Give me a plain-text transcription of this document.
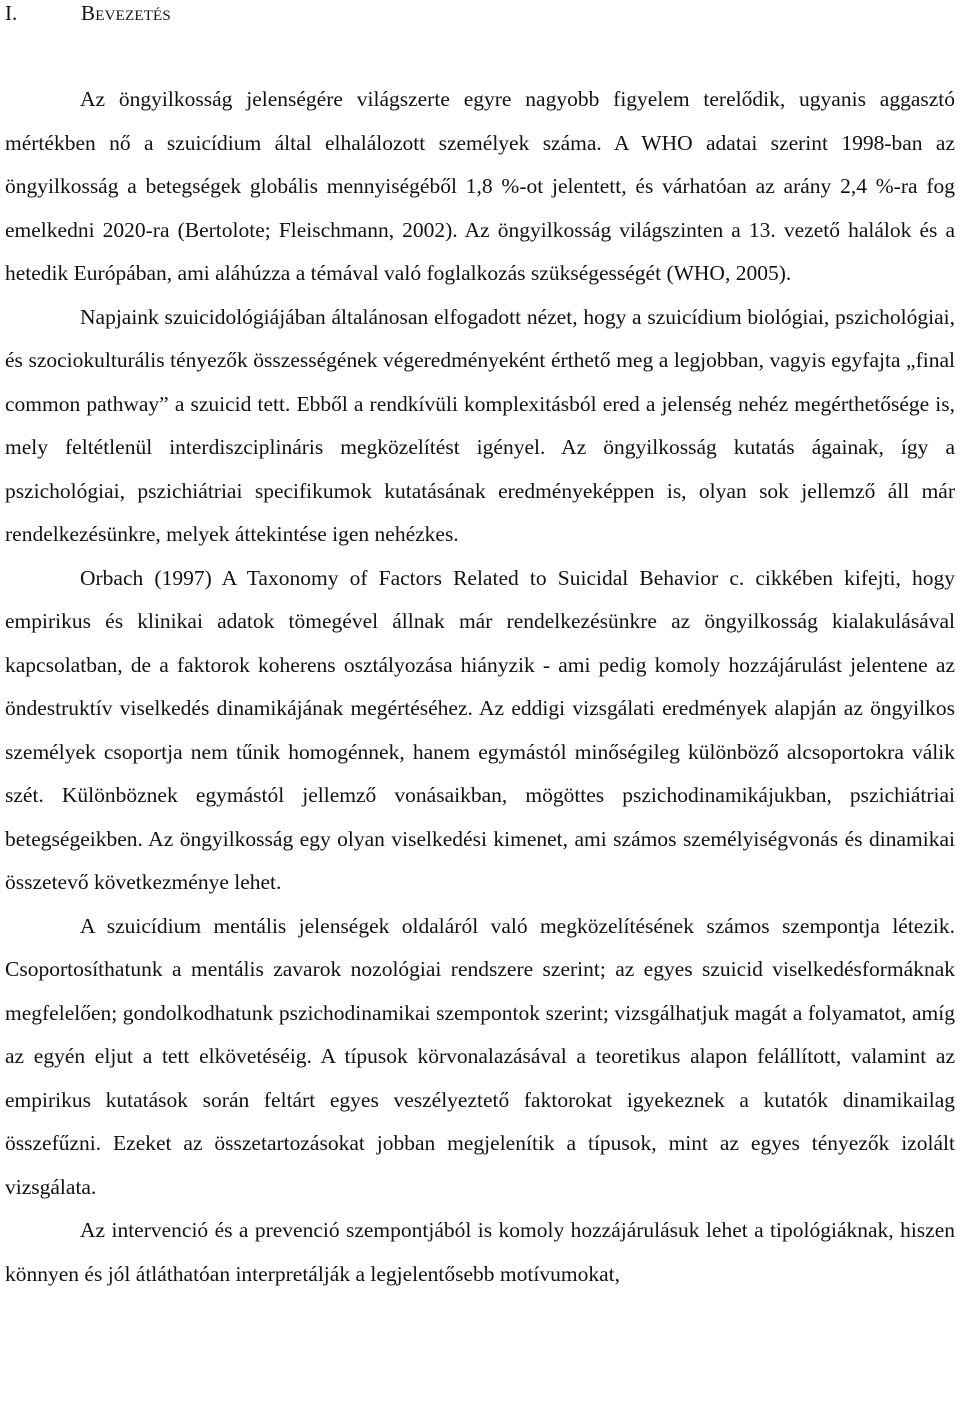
I.	Bevezetés

Az öngyilkosság jelenségére világszerte egyre nagyobb figyelem terelődik, ugyanis aggasztó mértékben nő a szuicídium által elhalálozott személyek száma. A WHO adatai szerint 1998-ban az öngyilkosság a betegségek globális mennyiségéből 1,8 %-ot jelentett, és várhatóan az arány 2,4 %-ra fog emelkedni 2020-ra (Bertolote; Fleischmann, 2002). Az öngyilkosság világszinten a 13. vezető halálok és a hetedik Európában, ami aláhúzza a témával való foglalkozás szükségességét (WHO, 2005).

Napjaink szuicidológiájában általánosan elfogadott nézet, hogy a szuicídium biológiai, pszichológiai, és szociokulturális tényezők összességének végeredményeként érthető meg a legjobban, vagyis egyfajta „final common pathway” a szuicid tett. Ebből a rendkívüli komplexitásból ered a jelenség nehéz megérthetősége is, mely feltétlenül interdiszciplináris megközelítést igényel. Az öngyilkosság kutatás ágainak, így a pszichológiai, pszichiátriai specifikumok kutatásának eredményeképpen is, olyan sok jellemző áll már rendelkezésünkre, melyek áttekintése igen nehézkes.

Orbach (1997) A Taxonomy of Factors Related to Suicidal Behavior c. cikkében kifejti, hogy empirikus és klinikai adatok tömegével állnak már rendelkezésünkre az öngyilkosság kialakulásával kapcsolatban, de a faktorok koherens osztályozása hiányzik - ami pedig komoly hozzájárulást jelentene az öndestruktív viselkedés dinamikájának megértéséhez. Az eddigi vizsgálati eredmények alapján az öngyilkos személyek csoportja nem tűnik homogénnek, hanem egymástól minőségileg különböző alcsoportokra válik szét. Különböznek egymástól jellemző vonásaikban, mögöttes pszichodinamikájukban, pszichiátriai betegségeikben. Az öngyilkosság egy olyan viselkedési kimenet, ami számos személyiségvonás és dinamikai összetevő következménye lehet.

A szuicídium mentális jelenségek oldaláról való megközelítésének számos szempontja létezik. Csoportosíthatunk a mentális zavarok nozológiai rendszere szerint; az egyes szuicid viselkedésformáknak megfelelően; gondolkodhatunk pszichodinamikai szempontok szerint; vizsgálhatjuk magát a folyamatot, amíg az egyén eljut a tett elkövetéséig. A típusok körvonalazásával a teoretikus alapon felállított, valamint az empirikus kutatások során feltárt egyes veszélyeztető faktorokat igyekeznek a kutatók dinamikailag összefűzni. Ezeket az összetartozásokat jobban megjelenítik a típusok, mint az egyes tényezők izolált vizsgálata.

Az intervenció és a prevenció szempontjából is komoly hozzájárulásuk lehet a tipológiáknak, hiszen könnyen és jól átláthatóan interpretálják a legjelentősebb motívumokat,
